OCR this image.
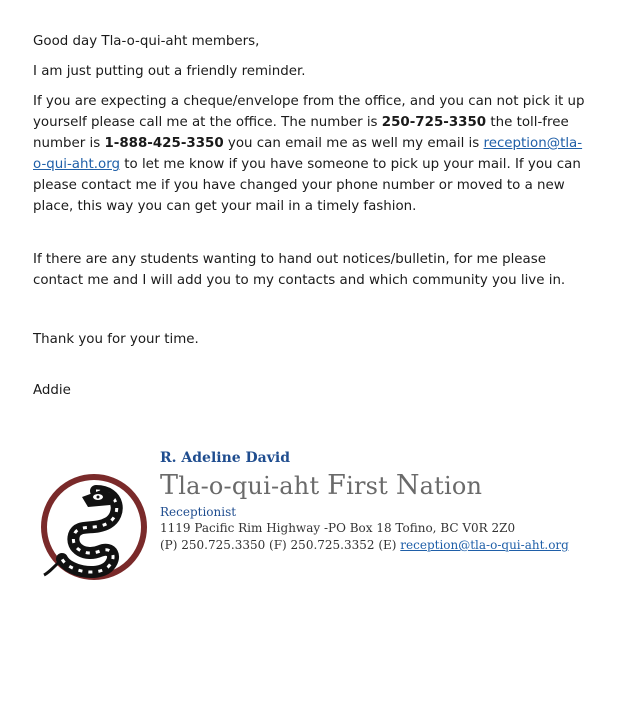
Good day Tla-o-qui-aht members,

I am just putting out a friendly reminder.

If you are expecting a cheque/envelope from the office, and you can not pick it up yourself please call me at the office. The number is 250-725-3350 the toll-free number is 1-888-425-3350 you can email me as well my email is reception@tla-o-qui-aht.org to let me know if you have someone to pick up your mail. If you can please contact me if you have changed your phone number or moved to a new place, this way you can get your mail in a timely fashion.

If there are any students wanting to hand out notices/bulletin, for me please contact me and I will add you to my contacts and which community you live in.

Thank you for your time.

Addie

R. Adeline David
Tla-o-qui-aht First Nation
Receptionist
1119 Pacific Rim Highway -PO Box 18 Tofino, BC V0R 2Z0
(P) 250.725.3350 (F) 250.725.3352 (E) reception@tla-o-qui-aht.org
